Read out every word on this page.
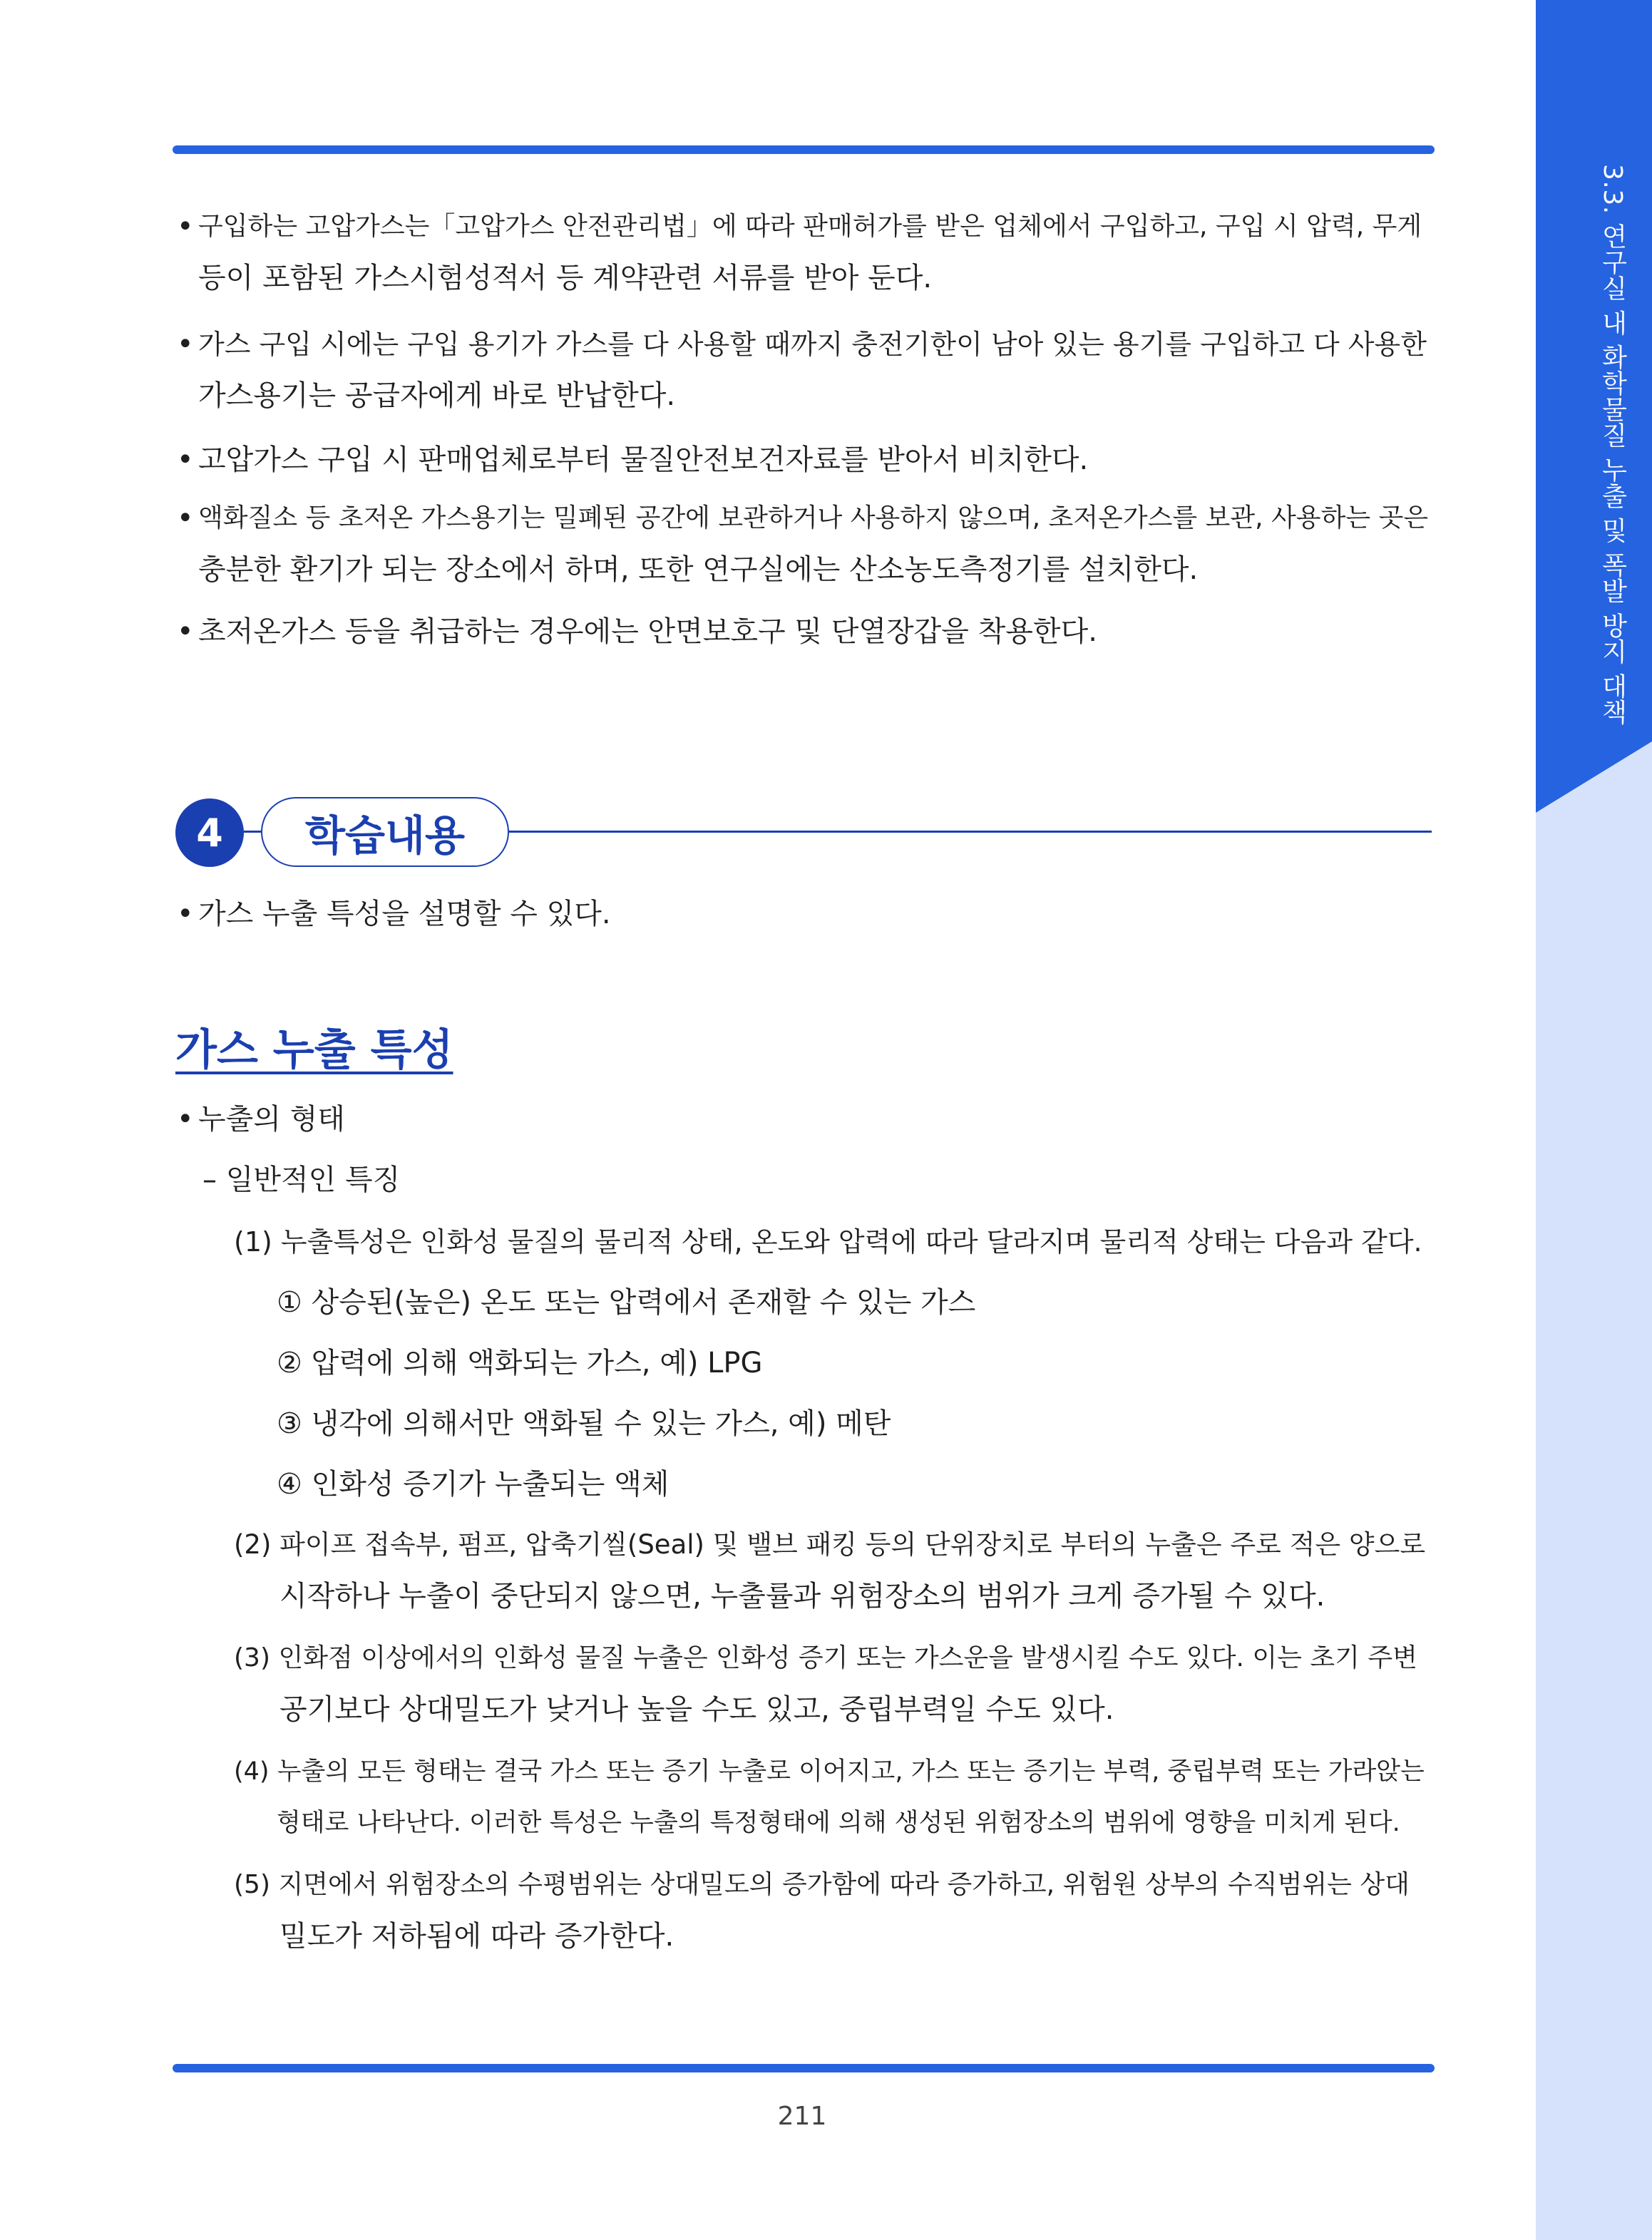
3.3. 연구실 내 화학물질 누출 및 폭발 방지 대책
• 구입하는 고압가스는「고압가스 안전관리법」에 따라 판매허가를 받은 업체에서 구입하고, 구입 시 압력, 무게
등이 포함된 가스시험성적서 등 계약관련 서류를 받아 둔다.
• 가스 구입 시에는 구입 용기가 가스를 다 사용할 때까지 충전기한이 남아 있는 용기를 구입하고 다 사용한
가스용기는 공급자에게 바로 반납한다.
• 고압가스 구입 시 판매업체로부터 물질안전보건자료를 받아서 비치한다.
• 액화질소 등 초저온 가스용기는 밀폐된 공간에 보관하거나 사용하지 않으며, 초저온가스를 보관, 사용하는 곳은
충분한 환기가 되는 장소에서 하며, 또한 연구실에는 산소농도측정기를 설치한다.
• 초저온가스 등을 취급하는 경우에는 안면보호구 및 단열장갑을 착용한다.
4	학습내용
• 가스 누출 특성을 설명할 수 있다.
가스 누출 특성
• 누출의 형태
– 일반적인 특징
(1) 누출특성은 인화성 물질의 물리적 상태, 온도와 압력에 따라 달라지며 물리적 상태는 다음과 같다.
① 상승된(높은) 온도 또는 압력에서 존재할 수 있는 가스
② 압력에 의해 액화되는 가스, 예) LPG
③ 냉각에 의해서만 액화될 수 있는 가스, 예) 메탄
④ 인화성 증기가 누출되는 액체
(2) 파이프 접속부, 펌프, 압축기씰(Seal) 및 밸브 패킹 등의 단위장치로 부터의 누출은 주로 적은 양으로
시작하나 누출이 중단되지 않으면, 누출률과 위험장소의 범위가 크게 증가될 수 있다.
(3) 인화점 이상에서의 인화성 물질 누출은 인화성 증기 또는 가스운을 발생시킬 수도 있다. 이는 초기 주변
공기보다 상대밀도가 낮거나 높을 수도 있고, 중립부력일 수도 있다.
(4) 누출의 모든 형태는 결국 가스 또는 증기 누출로 이어지고, 가스 또는 증기는 부력, 중립부력 또는 가라앉는
형태로 나타난다. 이러한 특성은 누출의 특정형태에 의해 생성된 위험장소의 범위에 영향을 미치게 된다.
(5) 지면에서 위험장소의 수평범위는 상대밀도의 증가함에 따라 증가하고, 위험원 상부의 수직범위는 상대
밀도가 저하됨에 따라 증가한다.
211
